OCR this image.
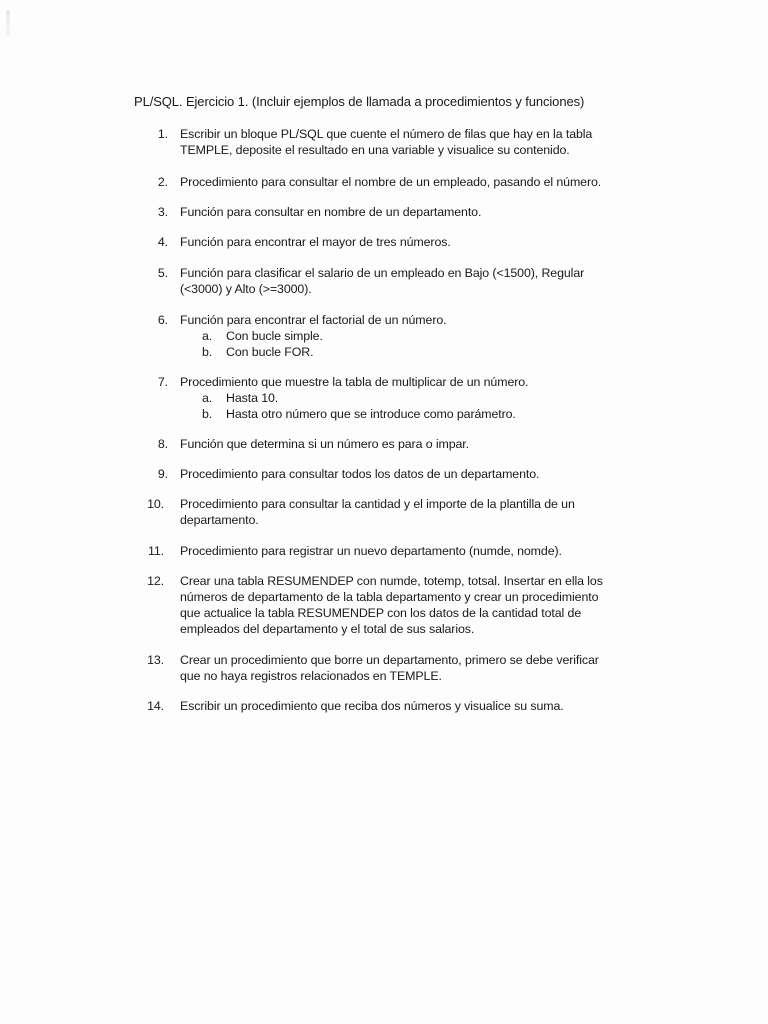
PL/SQL. Ejercicio 1. (Incluir ejemplos de llamada a procedimientos y funciones)
1. Escribir un bloque PL/SQL que cuente el número de filas que hay en la tabla
TEMPLE, deposite el resultado en una variable y visualice su contenido.
2. Procedimiento para consultar el nombre de un empleado, pasando el número.
3. Función para consultar en nombre de un departamento.
4. Función para encontrar el mayor de tres números.
5. Función para clasificar el salario de un empleado en Bajo (<1500), Regular
(<3000) y Alto (>=3000).
6. Función para encontrar el factorial de un número.
a. Con bucle simple.
b. Con bucle FOR.
7. Procedimiento que muestre la tabla de multiplicar de un número.
a. Hasta 10.
b. Hasta otro número que se introduce como parámetro.
8. Función que determina si un número es para o impar.
9. Procedimiento para consultar todos los datos de un departamento.
10.	Procedimiento para consultar la cantidad y el importe de la plantilla de un
departamento.
11.	Procedimiento para registrar un nuevo departamento (numde, nomde).
12.	Crear una tabla RESUMENDEP con numde, totemp, totsal. Insertar en ella los
números de departamento de la tabla departamento y crear un procedimiento
que actualice la tabla RESUMENDEP con los datos de la cantidad total de
empleados del departamento y el total de sus salarios.
13.	Crear un procedimiento que borre un departamento, primero se debe verificar
que no haya registros relacionados en TEMPLE.
14.	Escribir un procedimiento que reciba dos números y visualice su suma.
